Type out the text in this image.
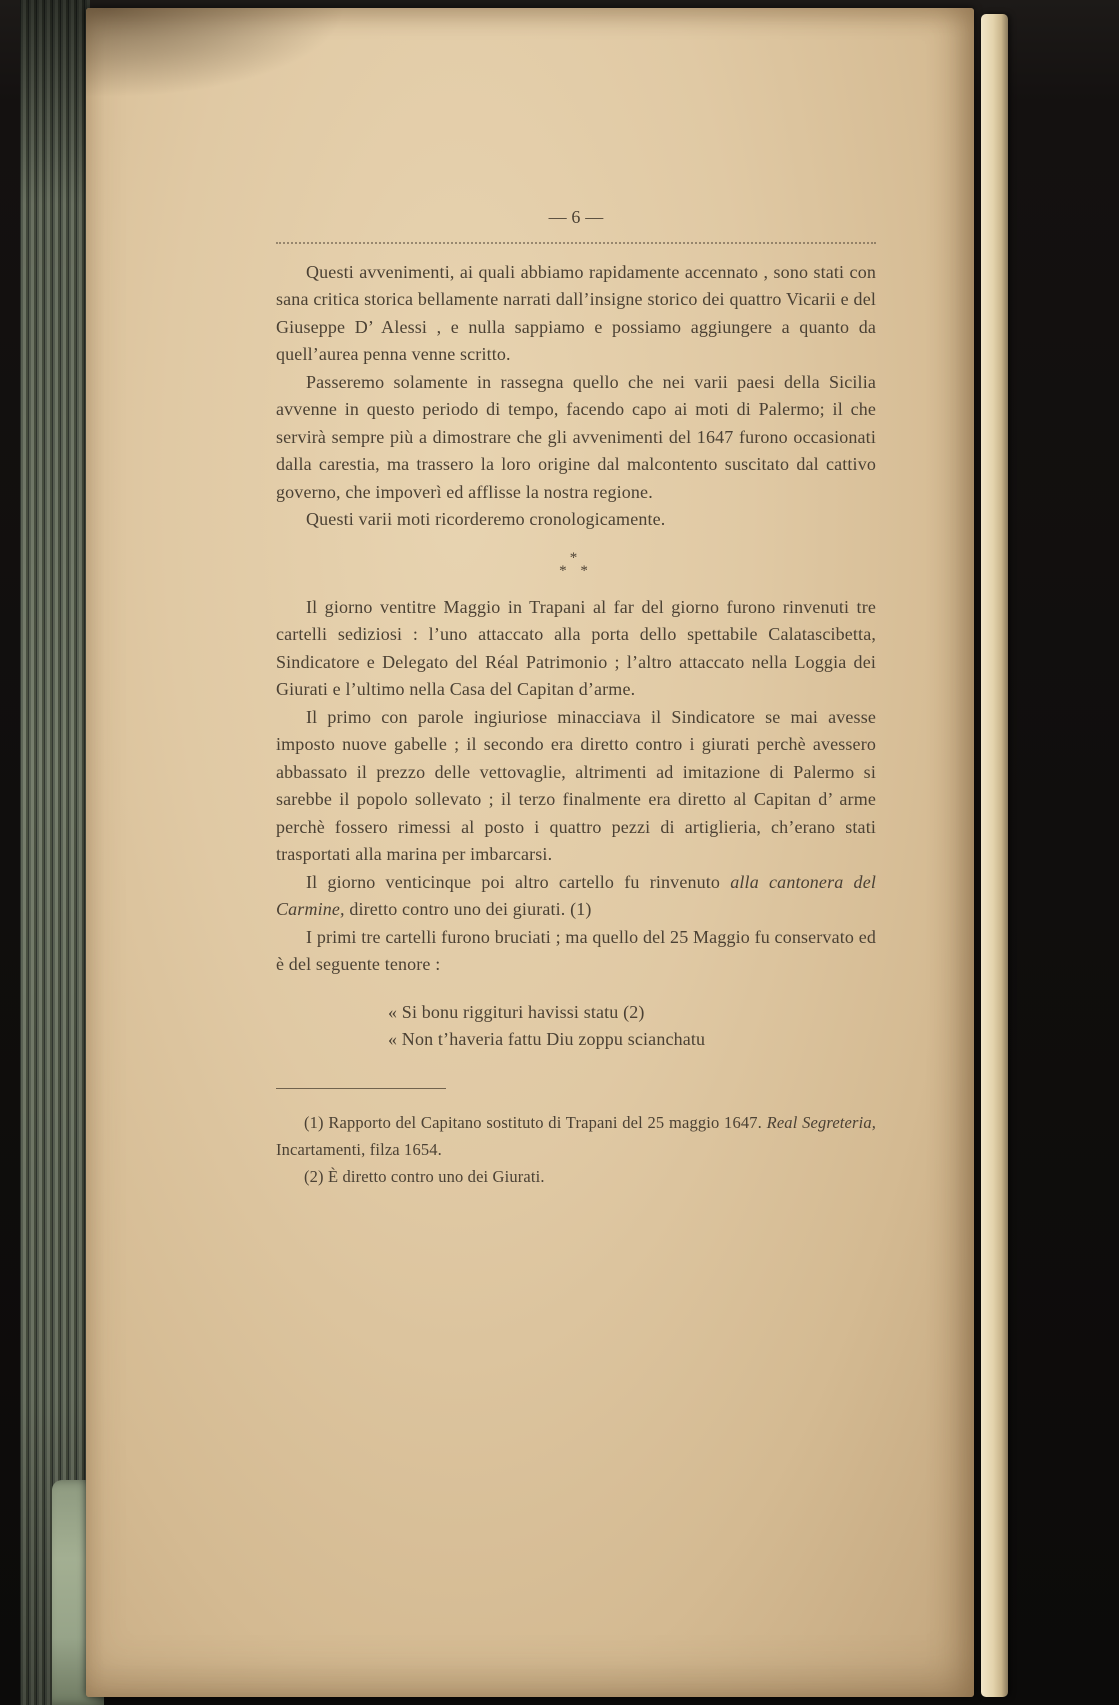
— 6 —

Questi avvenimenti, ai quali abbiamo rapidamente accennato , sono stati con sana critica storica bellamente narrati dall’insigne storico dei quattro Vicarii e del Giuseppe D’ Alessi , e nulla sappiamo e possiamo aggiungere a quanto da quell’aurea penna venne scritto.

Passeremo solamente in rassegna quello che nei varii paesi della Sicilia avvenne in questo periodo di tempo, facendo capo ai moti di Palermo; il che servirà sempre più a dimostrare che gli avvenimenti del 1647 furono occasionati dalla carestia, ma trassero la loro origine dal malcontento suscitato dal cattivo governo, che impoverì ed afflisse la nostra regione.

Questi varii moti ricorderemo cronologicamente.

*
* *

Il giorno ventitre Maggio in Trapani al far del giorno furono rinvenuti tre cartelli sediziosi : l’uno attaccato alla porta dello spettabile Calatascibetta, Sindicatore e Delegato del Réal Patrimonio ; l’altro attaccato nella Loggia dei Giurati e l’ultimo nella Casa del Capitan d’arme.

Il primo con parole ingiuriose minacciava il Sindicatore se mai avesse imposto nuove gabelle ; il secondo era diretto contro i giurati perchè avessero abbassato il prezzo delle vettovaglie, altrimenti ad imitazione di Palermo si sarebbe il popolo sollevato ; il terzo finalmente era diretto al Capitan d’ arme perchè fossero rimessi al posto i quattro pezzi di artiglieria, ch’erano stati trasportati alla marina per imbarcarsi.

Il giorno venticinque poi altro cartello fu rinvenuto alla cantonera del Carmine, diretto contro uno dei giurati. (1)

I primi tre cartelli furono bruciati ; ma quello del 25 Maggio fu conservato ed è del seguente tenore :

« Si bonu riggituri havissi statu (2)
« Non t’haveria fattu Diu zoppu scianchatu

(1) Rapporto del Capitano sostituto di Trapani del 25 maggio 1647. Real Segreteria, Incartamenti, filza 1654.

(2) È diretto contro uno dei Giurati.
